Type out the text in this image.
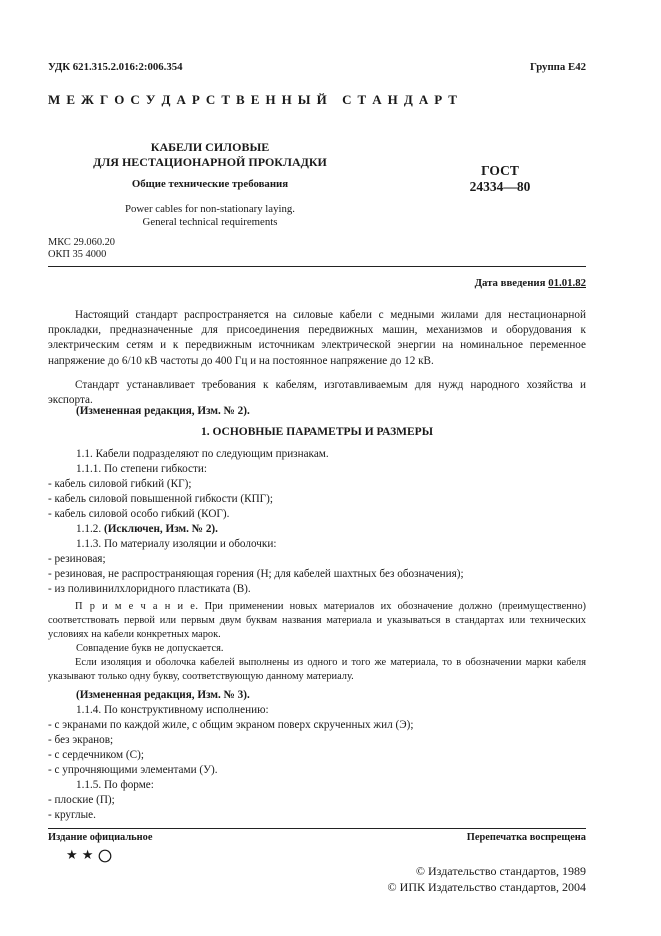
УДК 621.315.2.016:2:006.354	Группа Е42
М Е Ж Г О С У Д А Р С Т В Е Н Н Ы Й   С Т А Н Д А Р Т
КАБЕЛИ СИЛОВЫЕ
ДЛЯ НЕСТАЦИОНАРНОЙ ПРОКЛАДКИ
Общие технические требования
Power cables for non-stationary laying.
General technical requirements
ГОСТ
24334—80
МКС 29.060.20
ОКП 35 4000
Дата введения 01.01.82
Настоящий стандарт распространяется на силовые кабели с медными жилами для нестационарной прокладки, предназначенные для присоединения передвижных машин, механизмов и оборудования к электрическим сетям и к передвижным источникам электрической энергии на номинальное переменное напряжение до 6/10 кВ частоты до 400 Гц и на постоянное напряжение до 12 кВ.
Стандарт устанавливает требования к кабелям, изготавливаемым для нужд народного хозяйства и экспорта.
(Измененная редакция, Изм. № 2).
1. ОСНОВНЫЕ ПАРАМЕТРЫ И РАЗМЕРЫ
1.1. Кабели подразделяют по следующим признакам.
1.1.1. По степени гибкости:
- кабель силовой гибкий (КГ);
- кабель силовой повышенной гибкости (КПГ);
- кабель силовой особо гибкий (КОГ).
1.1.2. (Исключен, Изм. № 2).
1.1.3. По материалу изоляции и оболочки:
- резиновая;
- резиновая, не распространяющая горения (Н; для кабелей шахтных без обозначения);
- из поливинилхлоридного пластиката (В).
П р и м е ч а н и е. При применении новых материалов их обозначение должно (преимущественно) соответствовать первой или первым двум буквам названия материала и указываться в стандартах или технических условиях на кабели конкретных марок.
Совпадение букв не допускается.
Если изоляция и оболочка кабелей выполнены из одного и того же материала, то в обозначении марки кабеля указывают только одну букву, соответствующую данному материалу.
(Измененная редакция, Изм. № 3).
1.1.4. По конструктивному исполнению:
- с экранами по каждой жиле, с общим экраном поверх скрученных жил (Э);
- без экранов;
- с сердечником (С);
- с упрочняющими элементами (У).
1.1.5. По форме:
- плоские (П);
- круглые.
Издание официальное	Перепечатка воспрещена
★ ★
© Издательство стандартов, 1989
© ИПК Издательство стандартов, 2004
